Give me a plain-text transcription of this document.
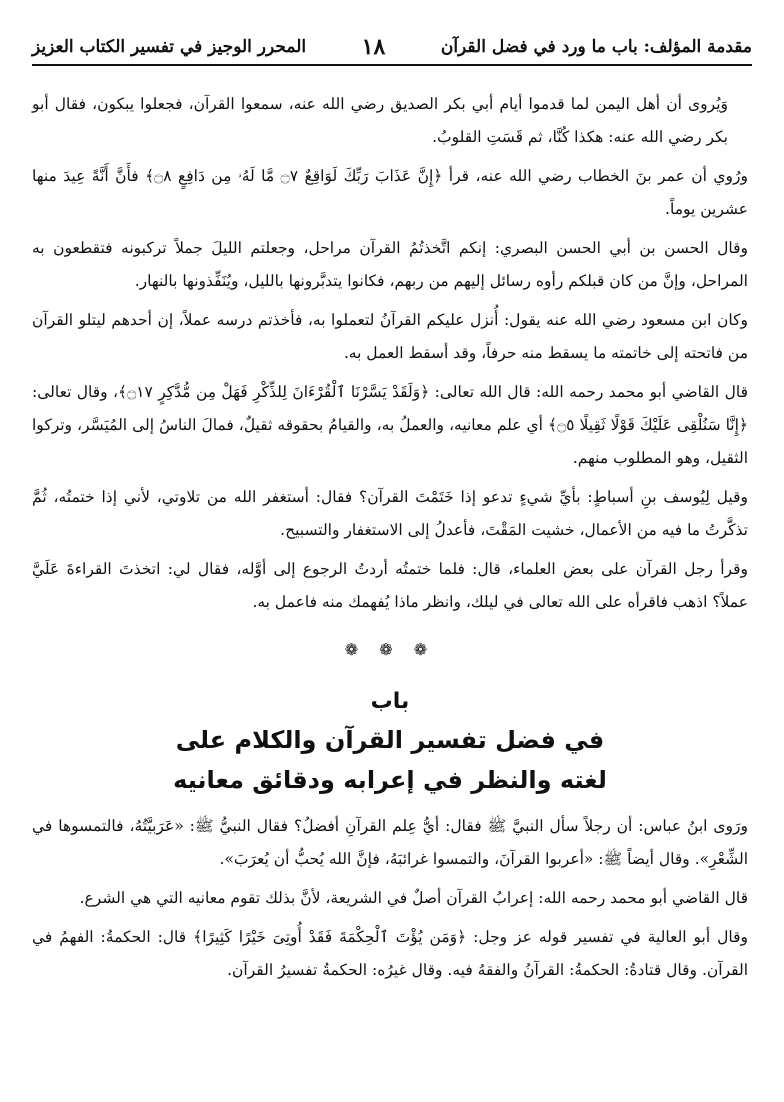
مقدمة المؤلف: باب ما ورد في فضل القرآن
١٨
المحرر الوجيز في تفسير الكتاب العزيز

وَيُروى أن أهل اليمن لما قدموا أيام أبي بكر الصديق رضي الله عنه، سمعوا القرآن، فجعلوا يبكون، فقال أبو بكر رضي الله عنه: هكذا كُنَّا، ثم قَسَتِ القلوبُ.

ورُوي أن عمر بنَ الخطاب رضي الله عنه، قرأ ﴿إِنَّ عَذَابَ رَبِّكَ لَوَاقِعٌ ۝٧ مَّا لَهُۥ مِن دَافِعٍ ۝٨﴾ فأَنَّ أَنَّةً عِيدَ منها عشرين يوماً.

وقال الحسن بن أبي الحسن البصري: إنكم اتَّخذتُمُ القرآن مراحل، وجعلتم الليلَ جملاً تركبونه فتقطعون به المراحل، وإنَّ من كان قبلكم رأوه رسائل إليهم من ربهم، فكانوا يتدبَّرونها بالليل، ويُنَفِّذونها بالنهار.

وكان ابن مسعود رضي الله عنه يقول: أُنزل عليكم القرآنُ لتعملوا به، فأخذتم درسه عملاً، إن أحدهم ليتلو القرآن من فاتحته إلى خاتمته ما يسقط منه حرفاً، وقد أسقط العمل به.

قال القاضي أبو محمد رحمه الله: قال الله تعالى: ﴿وَلَقَدْ يَسَّرْنَا ٱلْقُرْءَانَ لِلذِّكْرِ فَهَلْ مِن مُّدَّكِرٍ ۝١٧﴾، وقال تعالى: ﴿إِنَّا سَنُلْقِى عَلَيْكَ قَوْلًا ثَقِيلًا ۝٥﴾ أي علم معانيه، والعملُ به، والقيامُ بحقوقه ثقيلٌ، فمالَ الناسُ إلى المُيَسَّر، وتركوا الثقيل، وهو المطلوب منهم.

وقيل لِيُوسف بنِ أسباطٍ: بأيِّ شيءٍ تدعو إذا خَتَمْتَ القرآن؟ فقال: أستغفر الله من تلاوتي، لأني إذا ختمتُه، ثُمَّ تذكَّرتُ ما فيه من الأعمال، خشيت المَقْتَ، فأعدلُ إلى الاستغفار والتسبيح.

وقرأ رجل القرآن على بعض العلماء، قال: فلما ختمتُه أردتُ الرجوع إلى أوَّله، فقال لي: اتخذتَ القراءةَ عَلَيَّ عملاً؟ اذهب فاقرأه على الله تعالى في ليلك، وانظر ماذا يُفهمك منه فاعمل به.

❁ ❁ ❁
باب
في فضل تفسير القرآن والكلام على
لغته والنظر في إعرابه ودقائق معانيه

ورَوى ابنُ عباس: أن رجلاً سأل النبيَّ ﷺ فقال: أيُّ عِلم القرآنِ أفضلُ؟ فقال النبيُّ ﷺ: «عَرَبيَّتُهُ، فالتمسوها في الشِّعْرِ». وقال أيضاً ﷺ: «أعربوا القرآنَ، والتمسوا غرائبَهُ، فإنَّ الله يُحبُّ أن يُعرَبَ».

قال القاضي أبو محمد رحمه الله: إعرابُ القرآن أصلٌ في الشريعة، لأنَّ بذلك تقوم معانيه التي هي الشرع.

وقال أبو العالية في تفسير قوله عز وجل: ﴿وَمَن يُؤْتَ ٱلْحِكْمَةَ فَقَدْ أُوتِىَ خَيْرًا كَثِيرًا﴾ قال: الحكمةُ: الفهمُ في القرآن. وقال قتادةُ: الحكمةُ: القرآنُ والفقهُ فيه. وقال غيرُه: الحكمةُ تفسيرُ القرآن.
